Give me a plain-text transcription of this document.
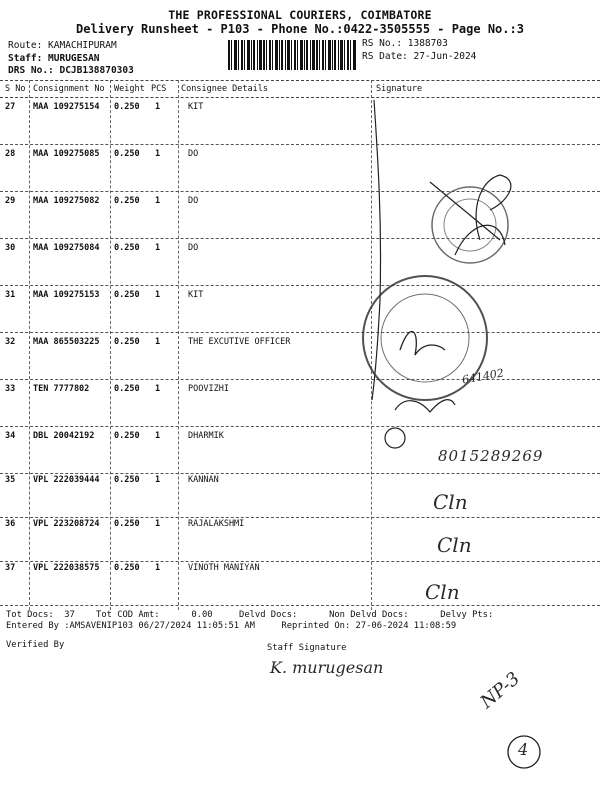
THE PROFESSIONAL COURIERS, COIMBATORE
Delivery Runsheet - P103 - Phone No.:0422-3505555 - Page No.:3
Route: KAMACHIPURAM
Staff: MURUGESAN
DRS No.: DCJB138870303
RS No.: 1388703
RS Date: 27-Jun-2024
S No Consignment No Weight PCS Consignee Details	Signature
27 MAA 109275154 0.250 1	KIT
28 MAA 109275085 0.250 1	DO
29 MAA 109275082 0.250 1	DO
30 MAA 109275084 0.250 1	DO
31 MAA 109275153 0.250 1	KIT
32 MAA 865503225 0.250 1	THE EXCUTIVE OFFICER
33 TEN 7777802	0.250 1	POOVIZHI
34 DBL 20042192 0.250 1	DHARMIK
35 VPL 222039444 0.250 1	KANNAN
36 VPL 223208724 0.250 1	RAJALAKSHMI
37 VPL 222038575 0.250 1	VINOTH MANIYAN
Tot Docs:  37    Tot COD Amt:      0.00     Delvd Docs:      Non Delvd Docs:      Delvy Pts:
Entered By :AMSAVENIP103 06/27/2024 11:05:51 AM     Reprinted On: 27-06-2024 11:08:59
Verified By	Staff Signature
641402
8015289269
Cln
Cln
Cln
K. murugesan
NP-3
4
